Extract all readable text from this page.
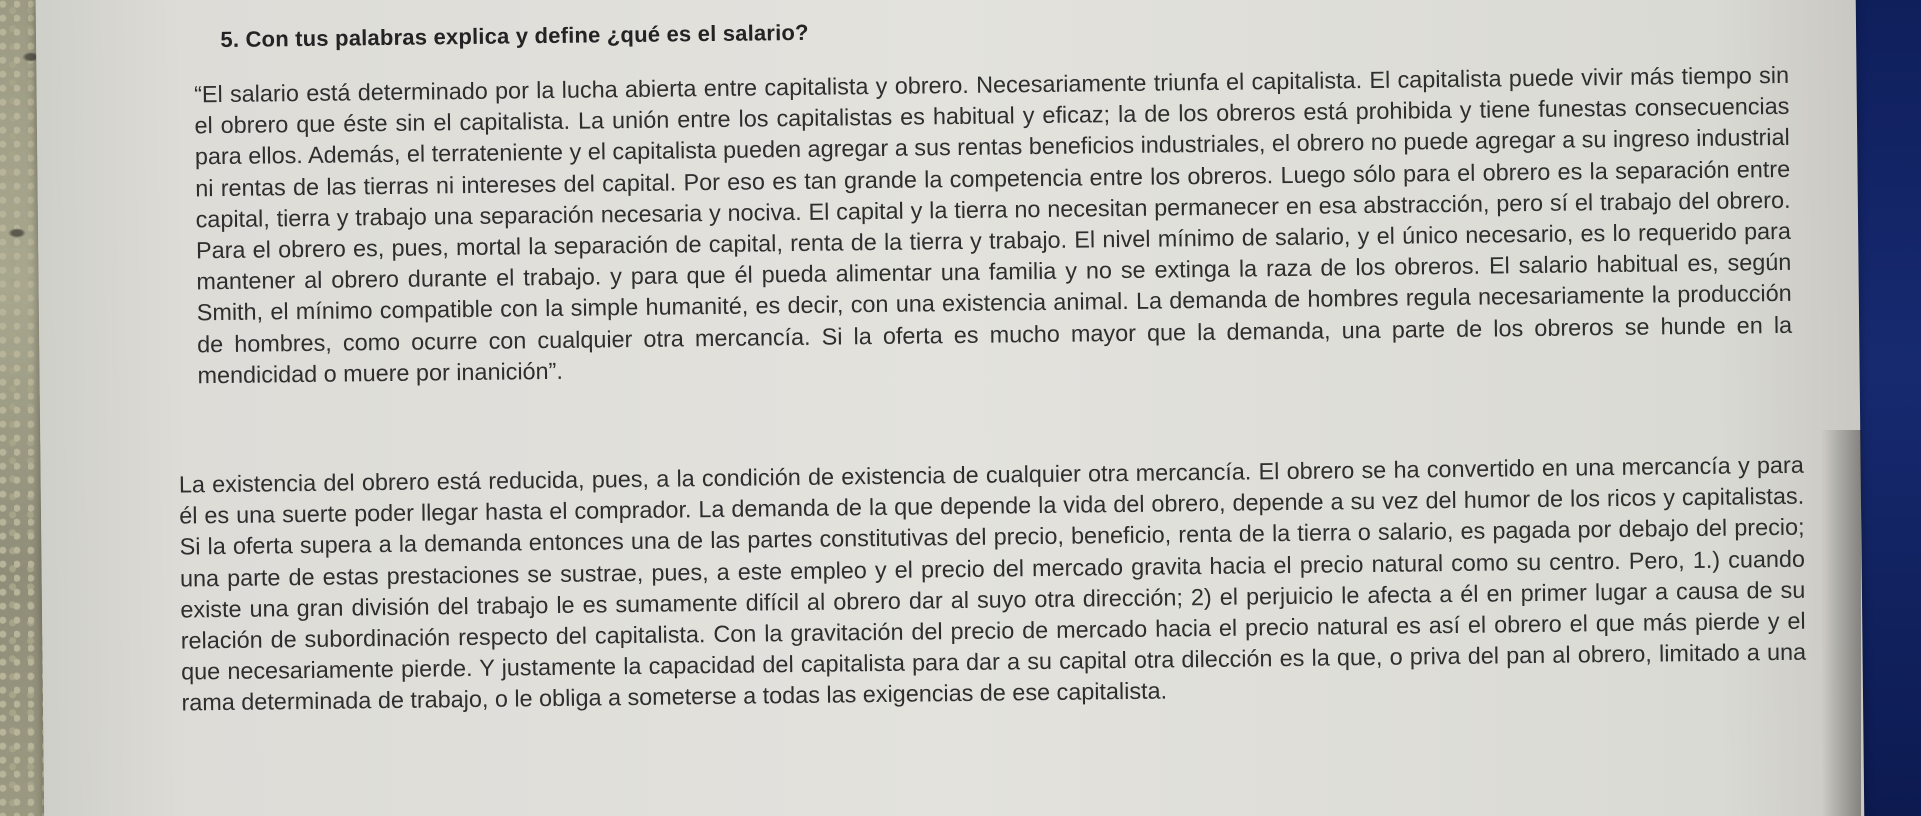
5. Con tus palabras explica y define ¿qué es el salario?

“El salario está determinado por la lucha abierta entre capitalista y obrero. Necesariamente triunfa el capitalista. El capitalista puede vivir más tiempo sin el obrero que éste sin el capitalista. La unión entre los capitalistas es habitual y eficaz; la de los obreros está prohibida y tiene funestas consecuencias para ellos. Además, el terrateniente y el capitalista pueden agregar a sus rentas beneficios industriales, el obrero no puede agregar a su ingreso industrial ni rentas de las tierras ni intereses del capital. Por eso es tan grande la competencia entre los obreros. Luego sólo para el obrero es la separación entre capital, tierra y trabajo una separación necesaria y nociva. El capital y la tierra no necesitan permanecer en esa abstracción, pero sí el trabajo del obrero. Para el obrero es, pues, mortal la separación de capital, renta de la tierra y trabajo. El nivel mínimo de salario, y el único necesario, es lo requerido para mantener al obrero durante el trabajo. y para que él pueda alimentar una familia y no se extinga la raza de los obreros. El salario habitual es, según Smith, el mínimo compatible con la simple humanité, es decir, con una existencia animal. La demanda de hombres regula necesariamente la producción de hombres, como ocurre con cualquier otra mercancía. Si la oferta es mucho mayor que la demanda, una parte de los obreros se hunde en la mendicidad o muere por inanición”.

La existencia del obrero está reducida, pues, a la condición de existencia de cualquier otra mercancía. El obrero se ha convertido en una mercancía y para él es una suerte poder llegar hasta el comprador. La demanda de la que depende la vida del obrero, depende a su vez del humor de los ricos y capitalistas. Si la oferta supera a la demanda entonces una de las partes constitutivas del precio, beneficio, renta de la tierra o salario, es pagada por debajo del precio; una parte de estas prestaciones se sustrae, pues, a este empleo y el precio del mercado gravita hacia el precio natural como su centro. Pero, 1.) cuando existe una gran división del trabajo le es sumamente difícil al obrero dar al suyo otra dirección; 2) el perjuicio le afecta a él en primer lugar a causa de su relación de subordinación respecto del capitalista. Con la gravitación del precio de mercado hacia el precio natural es así el obrero el que más pierde y el que necesariamente pierde. Y justamente la capacidad del capitalista para dar a su capital otra dilección es la que, o priva del pan al obrero, limitado a una rama determinada de trabajo, o le obliga a someterse a todas las exigencias de ese capitalista.
